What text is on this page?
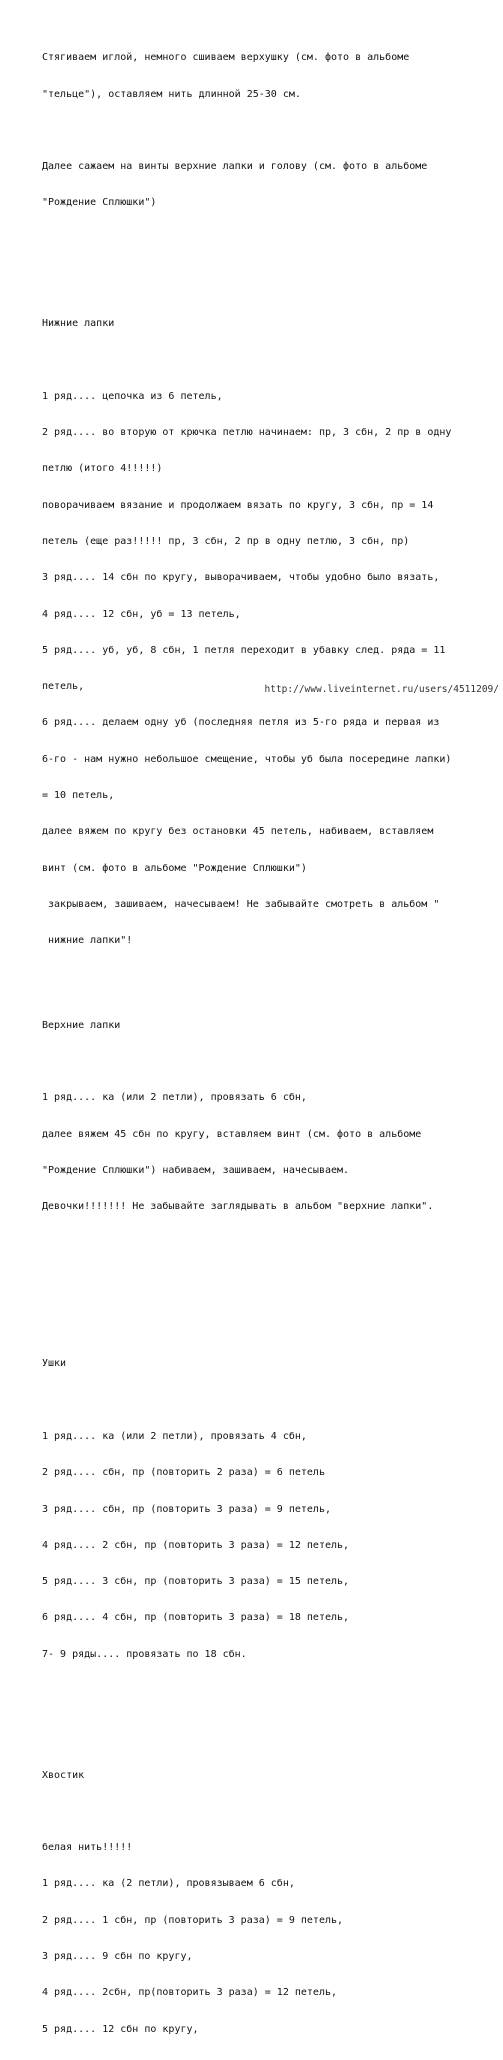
Стягиваем иглой, немного сшиваем верхушку (см. фото в альбоме

"тельце"), оставляем нить длинной 25-30 см.

Далее сажаем на винты верхние лапки и голову (см. фото в альбоме

"Рождение Сплюшки")

Нижние лапки

1 ряд.... цепочка из 6 петель,

2 ряд.... во вторую от крючка петлю начинаем: пр, 3 сбн, 2 пр в одну

петлю (итого 4!!!!!)

поворачиваем вязание и продолжаем вязать по кругу, 3 сбн, пр = 14

петель (еще раз!!!!! пр, 3 сбн, 2 пр в одну петлю, 3 сбн, пр)

3 ряд.... 14 сбн по кругу, выворачиваем, чтобы удобно было вязать,

4 ряд.... 12 сбн, уб = 13 петель,

5 ряд.... уб, уб, 8 сбн, 1 петля переходит в убавку след. ряда = 11

петель,

6 ряд.... делаем одну уб (последняя петля из 5-го ряда и первая из

6-го - нам нужно небольшое смещение, чтобы уб была посередине лапки)

= 10 петель,

далее вяжем по кругу без остановки 45 петель, набиваем, вставляем

винт (см. фото в альбоме "Рождение Сплюшки")

закрываем, зашиваем, начесываем! Не забывайте смотреть в альбом "

нижние лапки"!

Верхние лапки

1 ряд.... ка (или 2 петли), провязать 6 сбн,

далее вяжем 45 сбн по кругу, вставляем винт (см. фото в альбоме

"Рождение Сплюшки") набиваем, зашиваем, начесываем.

Девочки!!!!!!! Не забывайте заглядывать в альбом "верхние лапки".

Ушки

1 ряд.... ка (или 2 петли), провязать 4 сбн,

2 ряд.... сбн, пр (повторить 2 раза) = 6 петель

3 ряд.... сбн, пр (повторить 3 раза) = 9 петель,

4 ряд.... 2 сбн, пр (повторить 3 раза) = 12 петель,

5 ряд.... 3 сбн, пр (повторить 3 раза) = 15 петель,

6 ряд.... 4 сбн, пр (повторить 3 раза) = 18 петель,

7- 9 ряды.... провязать по 18 сбн.

Хвостик

белая нить!!!!!

1 ряд.... ка (2 петли), провязываем 6 сбн,

2 ряд.... 1 сбн, пр (повторить 3 раза) = 9 петель,

3 ряд.... 9 сбн по кругу,

4 ряд.... 2сбн, пр(повторить 3 раза) = 12 петель,

5 ряд.... 12 сбн по кругу,

http://www.liveinternet.ru/users/4511209/
